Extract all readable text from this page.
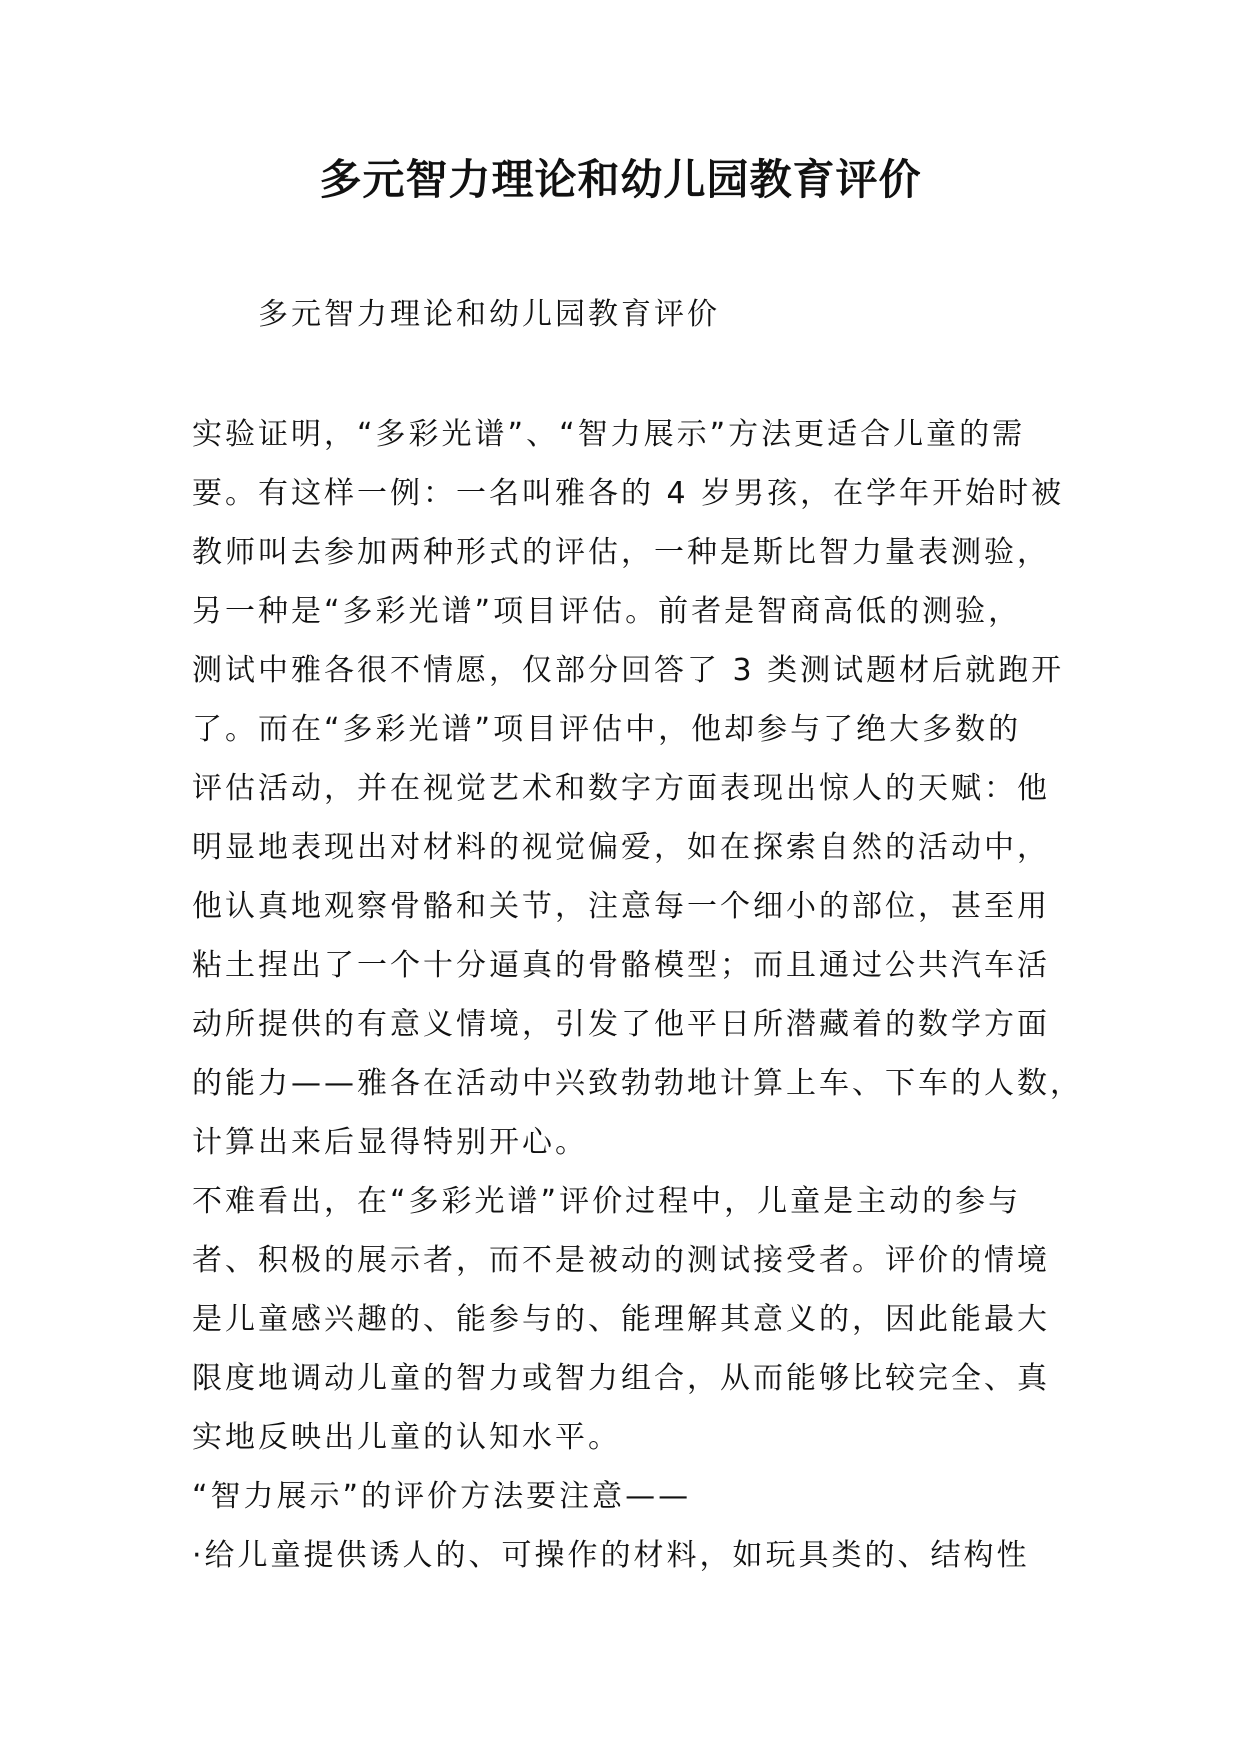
多元智力理论和幼儿园教育评价
多元智力理论和幼儿园教育评价
实验证明，“多彩光谱”、“智力展示”方法更适合儿童的需
要。有这样一例：一名叫雅各的 4 岁男孩，在学年开始时被
教师叫去参加两种形式的评估，一种是斯比智力量表测验，
另一种是“多彩光谱”项目评估。前者是智商高低的测验，
测试中雅各很不情愿，仅部分回答了 3 类测试题材后就跑开
了。而在“多彩光谱”项目评估中，他却参与了绝大多数的
评估活动，并在视觉艺术和数字方面表现出惊人的天赋：他
明显地表现出对材料的视觉偏爱，如在探索自然的活动中，
他认真地观察骨骼和关节，注意每一个细小的部位，甚至用
粘土捏出了一个十分逼真的骨骼模型；而且通过公共汽车活
动所提供的有意义情境，引发了他平日所潜藏着的数学方面
的能力——雅各在活动中兴致勃勃地计算上车、下车的人数，
计算出来后显得特别开心。
不难看出，在“多彩光谱”评价过程中，儿童是主动的参与
者、积极的展示者，而不是被动的测试接受者。评价的情境
是儿童感兴趣的、能参与的、能理解其意义的，因此能最大
限度地调动儿童的智力或智力组合，从而能够比较完全、真
实地反映出儿童的认知水平。
“智力展示”的评价方法要注意——
·给儿童提供诱人的、可操作的材料，如玩具类的、结构性
